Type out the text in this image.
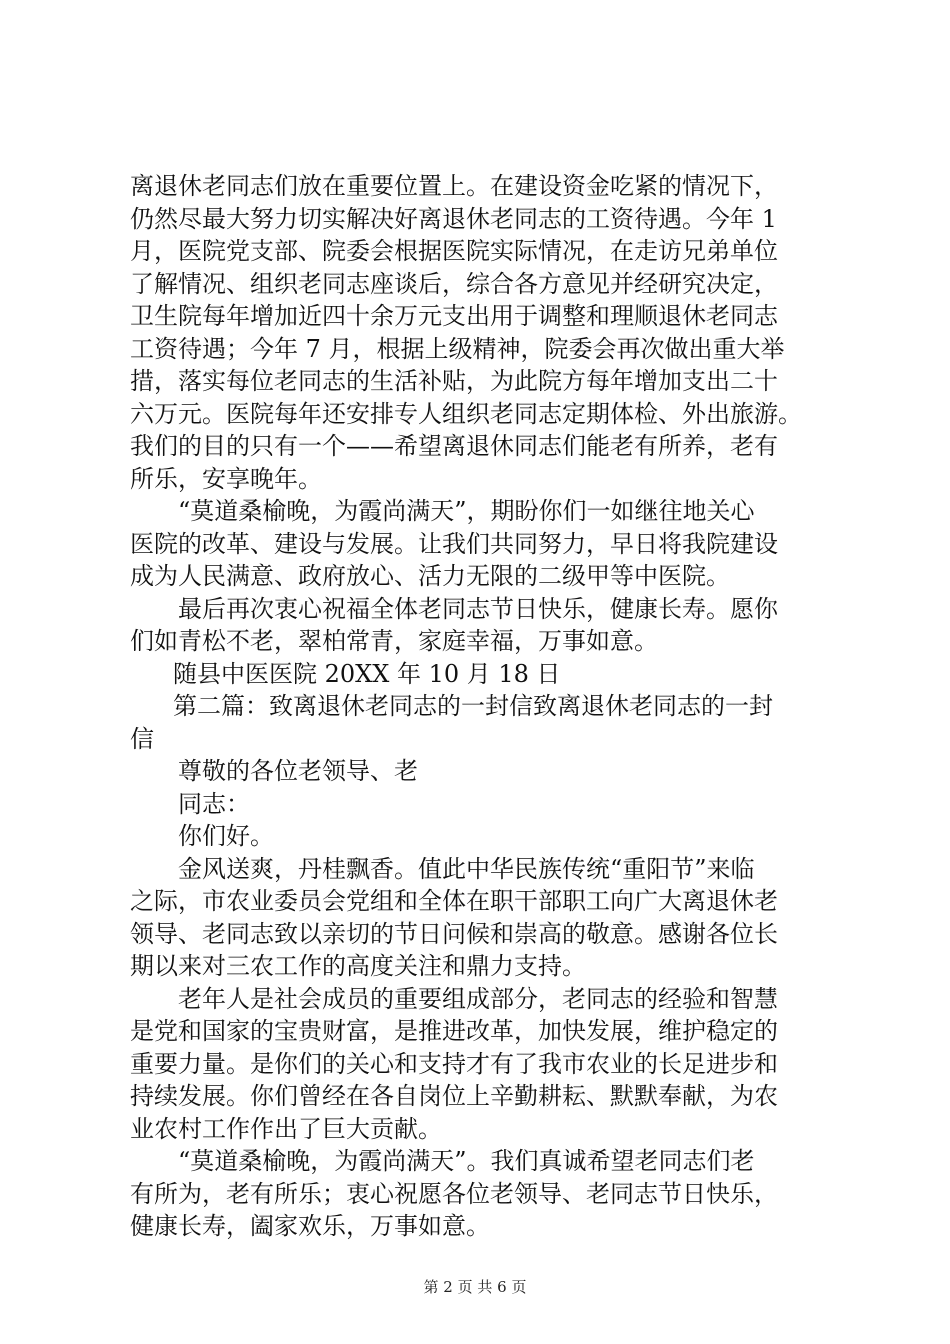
离退休老同志们放在重要位置上。在建设资金吃紧的情况下，
仍然尽最大努力切实解决好离退休老同志的工资待遇。今年 1
月，医院党支部、院委会根据医院实际情况，在走访兄弟单位
了解情况、组织老同志座谈后，综合各方意见并经研究决定，
卫生院每年增加近四十余万元支出用于调整和理顺退休老同志
工资待遇；今年 7 月，根据上级精神，院委会再次做出重大举
措，落实每位老同志的生活补贴，为此院方每年增加支出二十
六万元。医院每年还安排专人组织老同志定期体检、外出旅游。
我们的目的只有一个——希望离退休同志们能老有所养，老有
所乐，安享晚年。
“莫道桑榆晚，为霞尚满天”，期盼你们一如继往地关心
医院的改革、建设与发展。让我们共同努力，早日将我院建设
成为人民满意、政府放心、活力无限的二级甲等中医院。
最后再次衷心祝福全体老同志节日快乐，健康长寿。愿你
们如青松不老，翠柏常青，家庭幸福，万事如意。
随县中医医院 20XX 年 10 月 18 日
第二篇：致离退休老同志的一封信致离退休老同志的一封
信
尊敬的各位老领导、老
同志：
你们好。
金风送爽，丹桂飘香。值此中华民族传统“重阳节”来临
之际，市农业委员会党组和全体在职干部职工向广大离退休老
领导、老同志致以亲切的节日问候和崇高的敬意。感谢各位长
期以来对三农工作的高度关注和鼎力支持。
老年人是社会成员的重要组成部分，老同志的经验和智慧
是党和国家的宝贵财富，是推进改革，加快发展，维护稳定的
重要力量。是你们的关心和支持才有了我市农业的长足进步和
持续发展。你们曾经在各自岗位上辛勤耕耘、默默奉献，为农
业农村工作作出了巨大贡献。
“莫道桑榆晚，为霞尚满天”。我们真诚希望老同志们老
有所为，老有所乐；衷心祝愿各位老领导、老同志节日快乐，
健康长寿，阖家欢乐，万事如意。
第 2 页 共 6 页
